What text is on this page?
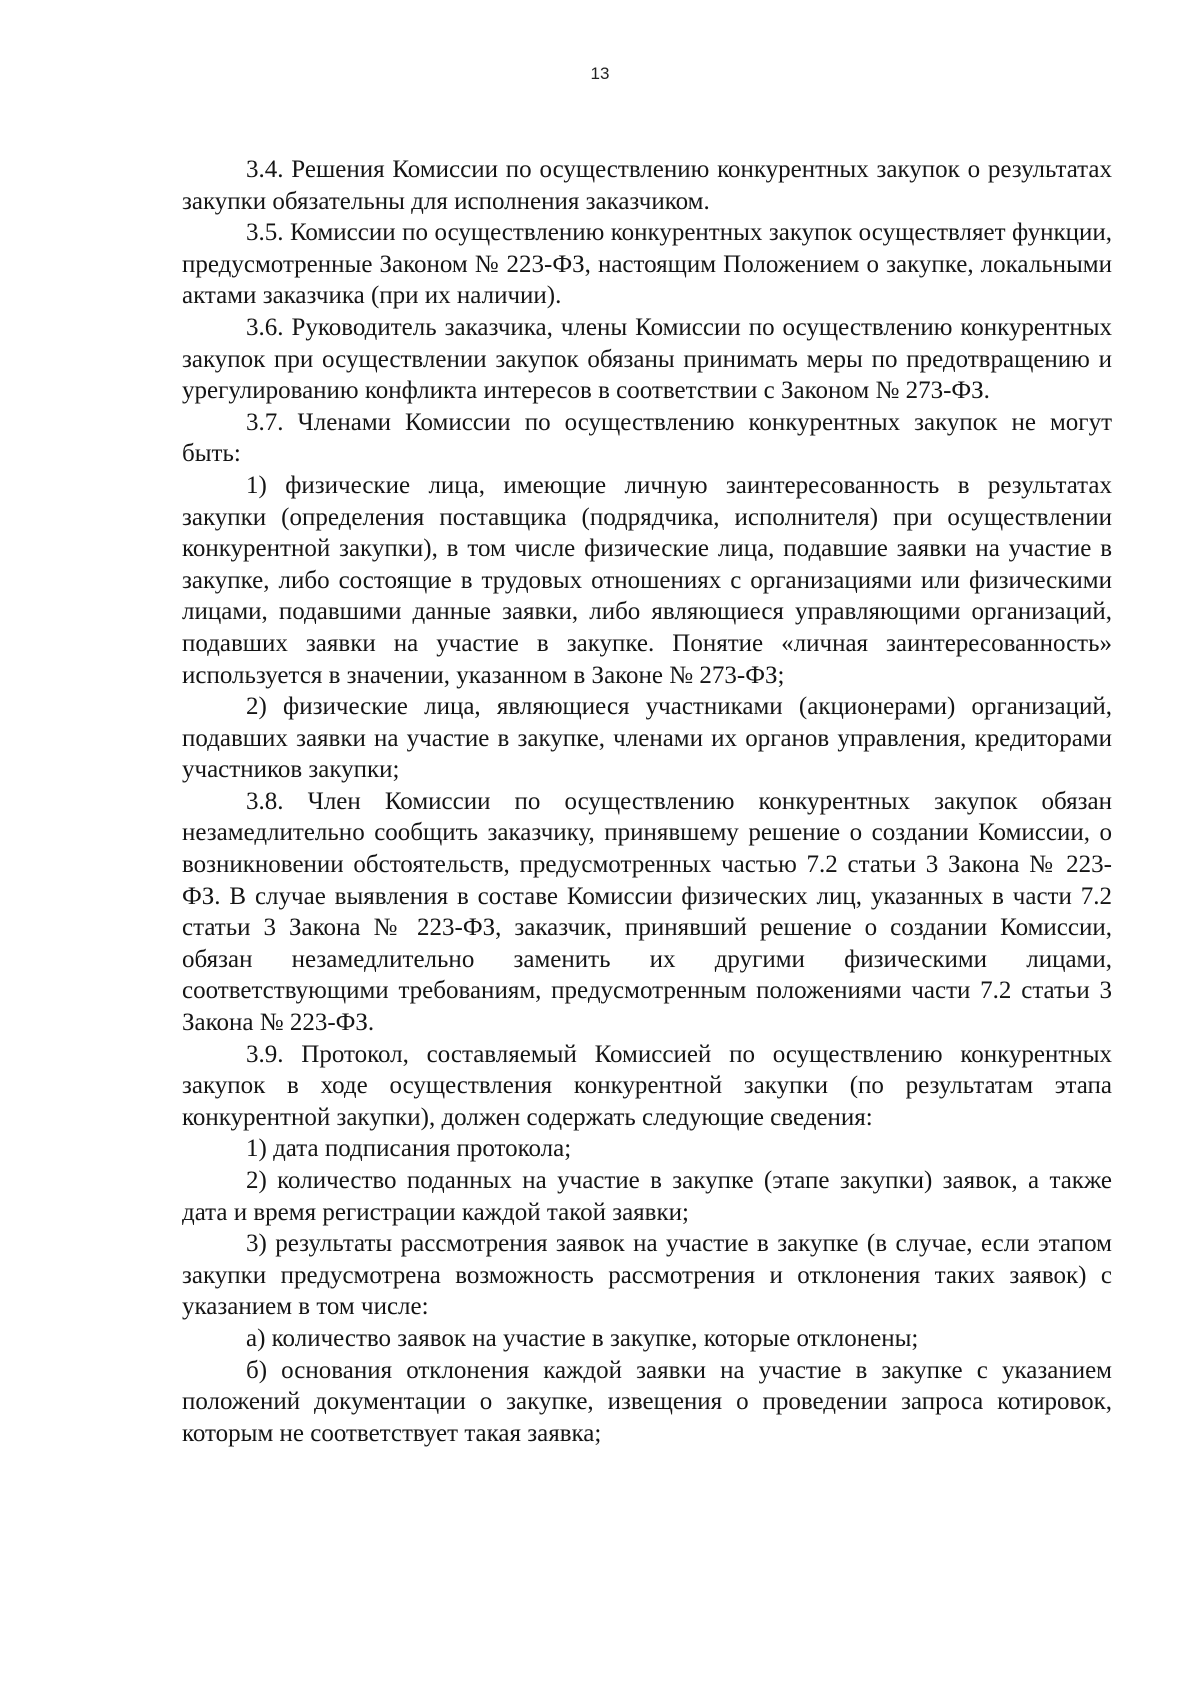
13

3.4. Решения Комиссии по осуществлению конкурентных закупок о результатах закупки обязательны для исполнения заказчиком.

3.5. Комиссии по осуществлению конкурентных закупок осуществляет функции, предусмотренные Законом № 223-ФЗ, настоящим Положением о закупке, локальными актами заказчика (при их наличии).

3.6. Руководитель заказчика, члены Комиссии по осуществлению конкурентных закупок при осуществлении закупок обязаны принимать меры по предотвращению и урегулированию конфликта интересов в соответствии с Законом № 273-ФЗ.

3.7. Членами Комиссии по осуществлению конкурентных закупок не могут быть:

1) физические лица, имеющие личную заинтересованность в результатах закупки (определения поставщика (подрядчика, исполнителя) при осуществлении конкурентной закупки), в том числе физические лица, подавшие заявки на участие в закупке, либо состоящие в трудовых отношениях с организациями или физическими лицами, подавшими данные заявки, либо являющиеся управляющими организаций, подавших заявки на участие в закупке. Понятие «личная заинтересованность» используется в значении, указанном в Законе № 273-ФЗ;

2) физические лица, являющиеся участниками (акционерами) организаций, подавших заявки на участие в закупке, членами их органов управления, кредиторами участников закупки;

3.8. Член Комиссии по осуществлению конкурентных закупок обязан незамедлительно сообщить заказчику, принявшему решение о создании Комиссии, о возникновении обстоятельств, предусмотренных частью 7.2 статьи 3 Закона № 223-ФЗ. В случае выявления в составе Комиссии физических лиц, указанных в части 7.2 статьи 3 Закона № 223-ФЗ, заказчик, принявший решение о создании Комиссии, обязан незамедлительно заменить их другими физическими лицами, соответствующими требованиям, предусмотренным положениями части 7.2 статьи 3 Закона № 223-ФЗ.

3.9. Протокол, составляемый Комиссией по осуществлению конкурентных закупок в ходе осуществления конкурентной закупки (по результатам этапа конкурентной закупки), должен содержать следующие сведения:

1) дата подписания протокола;

2) количество поданных на участие в закупке (этапе закупки) заявок, а также дата и время регистрации каждой такой заявки;

3) результаты рассмотрения заявок на участие в закупке (в случае, если этапом закупки предусмотрена возможность рассмотрения и отклонения таких заявок) с указанием в том числе:

а) количество заявок на участие в закупке, которые отклонены;

б) основания отклонения каждой заявки на участие в закупке с указанием положений документации о закупке, извещения о проведении запроса котировок, которым не соответствует такая заявка;
